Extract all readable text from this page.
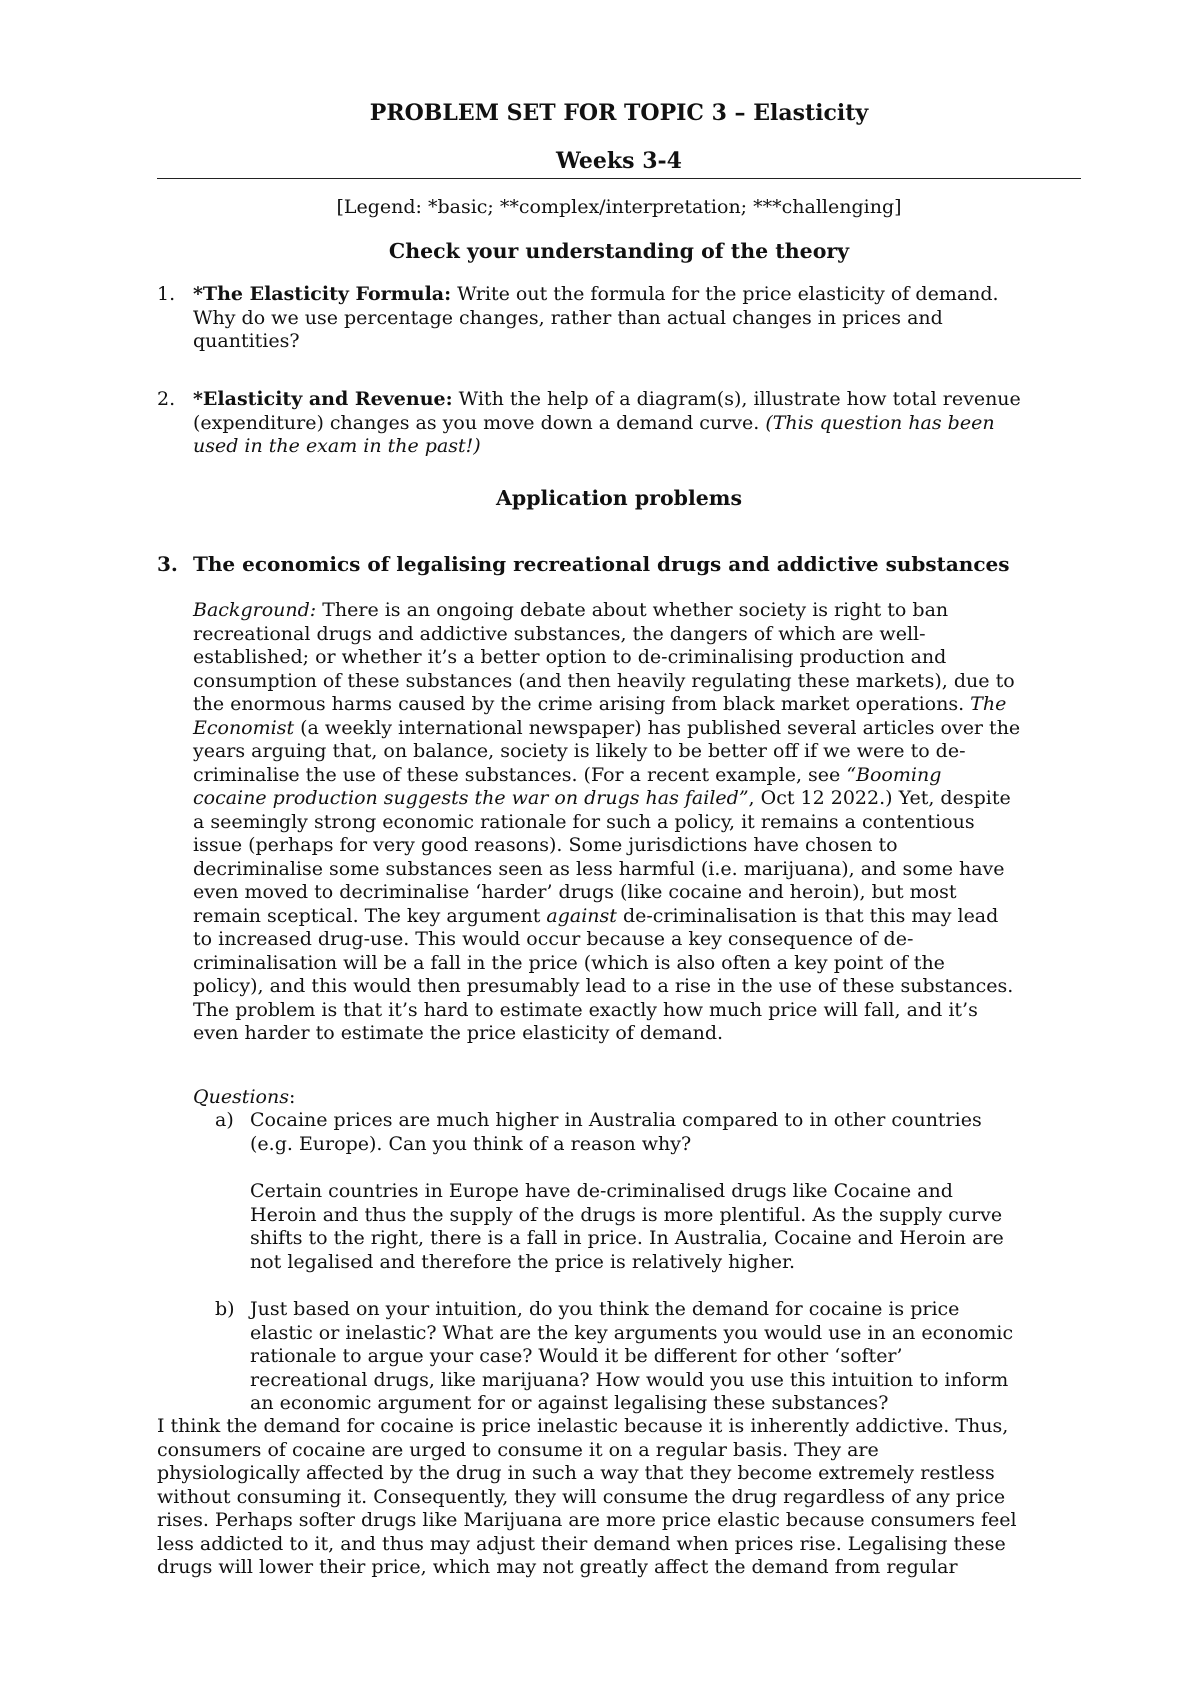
PROBLEM SET FOR TOPIC 3 – Elasticity
Weeks 3-4
[Legend: *basic; **complex/interpretation; ***challenging]
Check your understanding of the theory
1. *The Elasticity Formula: Write out the formula for the price elasticity of demand.
Why do we use percentage changes, rather than actual changes in prices and
quantities?
2. *Elasticity and Revenue: With the help of a diagram(s), illustrate how total revenue
(expenditure) changes as you move down a demand curve. (This question has been
used in the exam in the past!)
Application problems
3. The economics of legalising recreational drugs and addictive substances
Background: There is an ongoing debate about whether society is right to ban
recreational drugs and addictive substances, the dangers of which are well-
established; or whether it’s a better option to de-criminalising production and
consumption of these substances (and then heavily regulating these markets), due to
the enormous harms caused by the crime arising from black market operations. The
Economist (a weekly international newspaper) has published several articles over the
years arguing that, on balance, society is likely to be better off if we were to de-
criminalise the use of these substances. (For a recent example, see “Booming
cocaine production suggests the war on drugs has failed”, Oct 12 2022.) Yet, despite
a seemingly strong economic rationale for such a policy, it remains a contentious
issue (perhaps for very good reasons). Some jurisdictions have chosen to
decriminalise some substances seen as less harmful (i.e. marijuana), and some have
even moved to decriminalise ‘harder’ drugs (like cocaine and heroin), but most
remain sceptical. The key argument against de-criminalisation is that this may lead
to increased drug-use. This would occur because a key consequence of de-
criminalisation will be a fall in the price (which is also often a key point of the
policy), and this would then presumably lead to a rise in the use of these substances.
The problem is that it’s hard to estimate exactly how much price will fall, and it’s
even harder to estimate the price elasticity of demand.
Questions:
a) Cocaine prices are much higher in Australia compared to in other countries
(e.g. Europe). Can you think of a reason why?
Certain countries in Europe have de-criminalised drugs like Cocaine and
Heroin and thus the supply of the drugs is more plentiful. As the supply curve
shifts to the right, there is a fall in price. In Australia, Cocaine and Heroin are
not legalised and therefore the price is relatively higher.
b) Just based on your intuition, do you think the demand for cocaine is price
elastic or inelastic? What are the key arguments you would use in an economic
rationale to argue your case? Would it be different for other ‘softer’
recreational drugs, like marijuana? How would you use this intuition to inform
an economic argument for or against legalising these substances?
I think the demand for cocaine is price inelastic because it is inherently addictive. Thus,
consumers of cocaine are urged to consume it on a regular basis. They are
physiologically affected by the drug in such a way that they become extremely restless
without consuming it. Consequently, they will consume the drug regardless of any price
rises. Perhaps softer drugs like Marijuana are more price elastic because consumers feel
less addicted to it, and thus may adjust their demand when prices rise. Legalising these
drugs will lower their price, which may not greatly affect the demand from regular
